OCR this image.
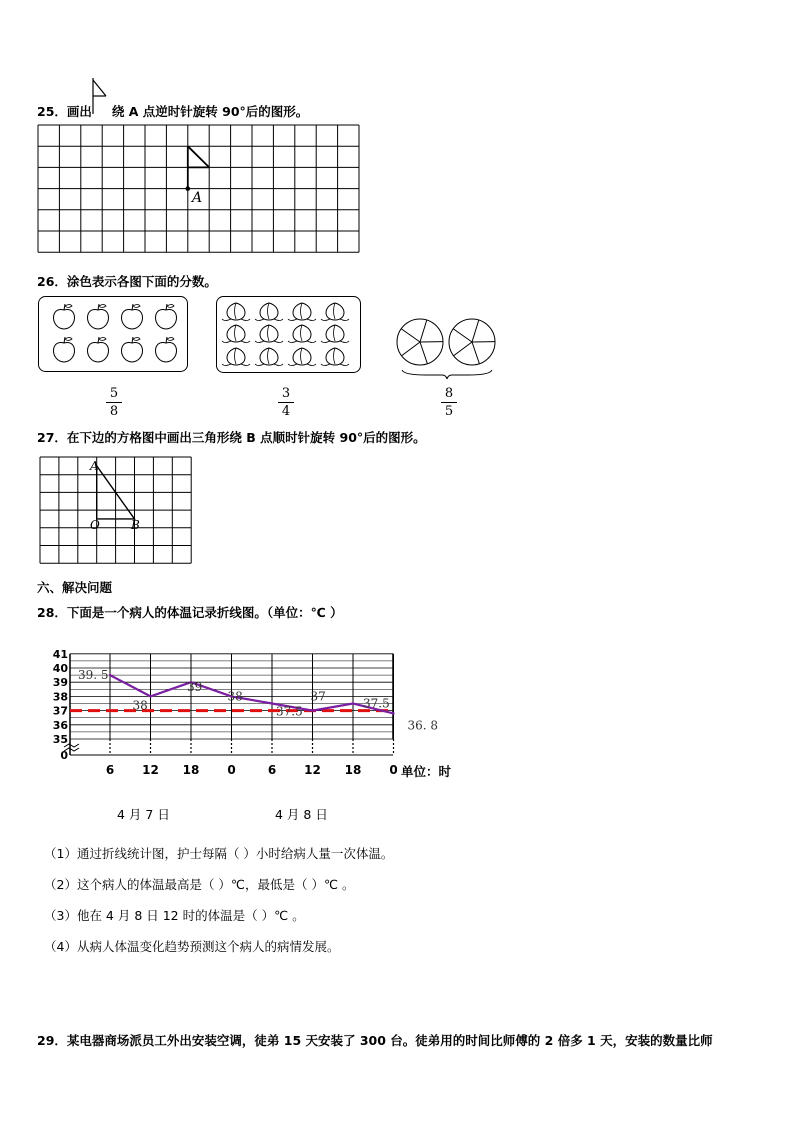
25．画出 绕 A 点逆时针旋转 90°后的图形。
A
26．涂色表示各图下面的分数。
5
8
3
4
8
5
27．在下边的方格图中画出三角形绕 B 点顺时针旋转 90°后的图形。
A
O	B
六、解决问题
28．下面是一个病人的体温记录折线图。（单位：℃ ）
0
35
36
37
38
39
40
41
6 12 18 0	6 12 18 0
39. 5
38
39
38
37.5
37	37.5
36. 8
单位：时
4 月 7 日	4 月 8 日
（1）通过折线统计图，护士每隔（ ）小时给病人量一次体温。
（2）这个病人的体温最高是（ ）℃，最低是（ ）℃ 。
（3）他在 4 月 8 日 12 时的体温是（ ）℃ 。
（4）从病人体温变化趋势预测这个病人的病情发展。
29．某电器商场派员工外出安装空调，徒弟 15 天安装了 300 台。徒弟用的时间比师傅的 2 倍多 1 天，安装的数量比师
